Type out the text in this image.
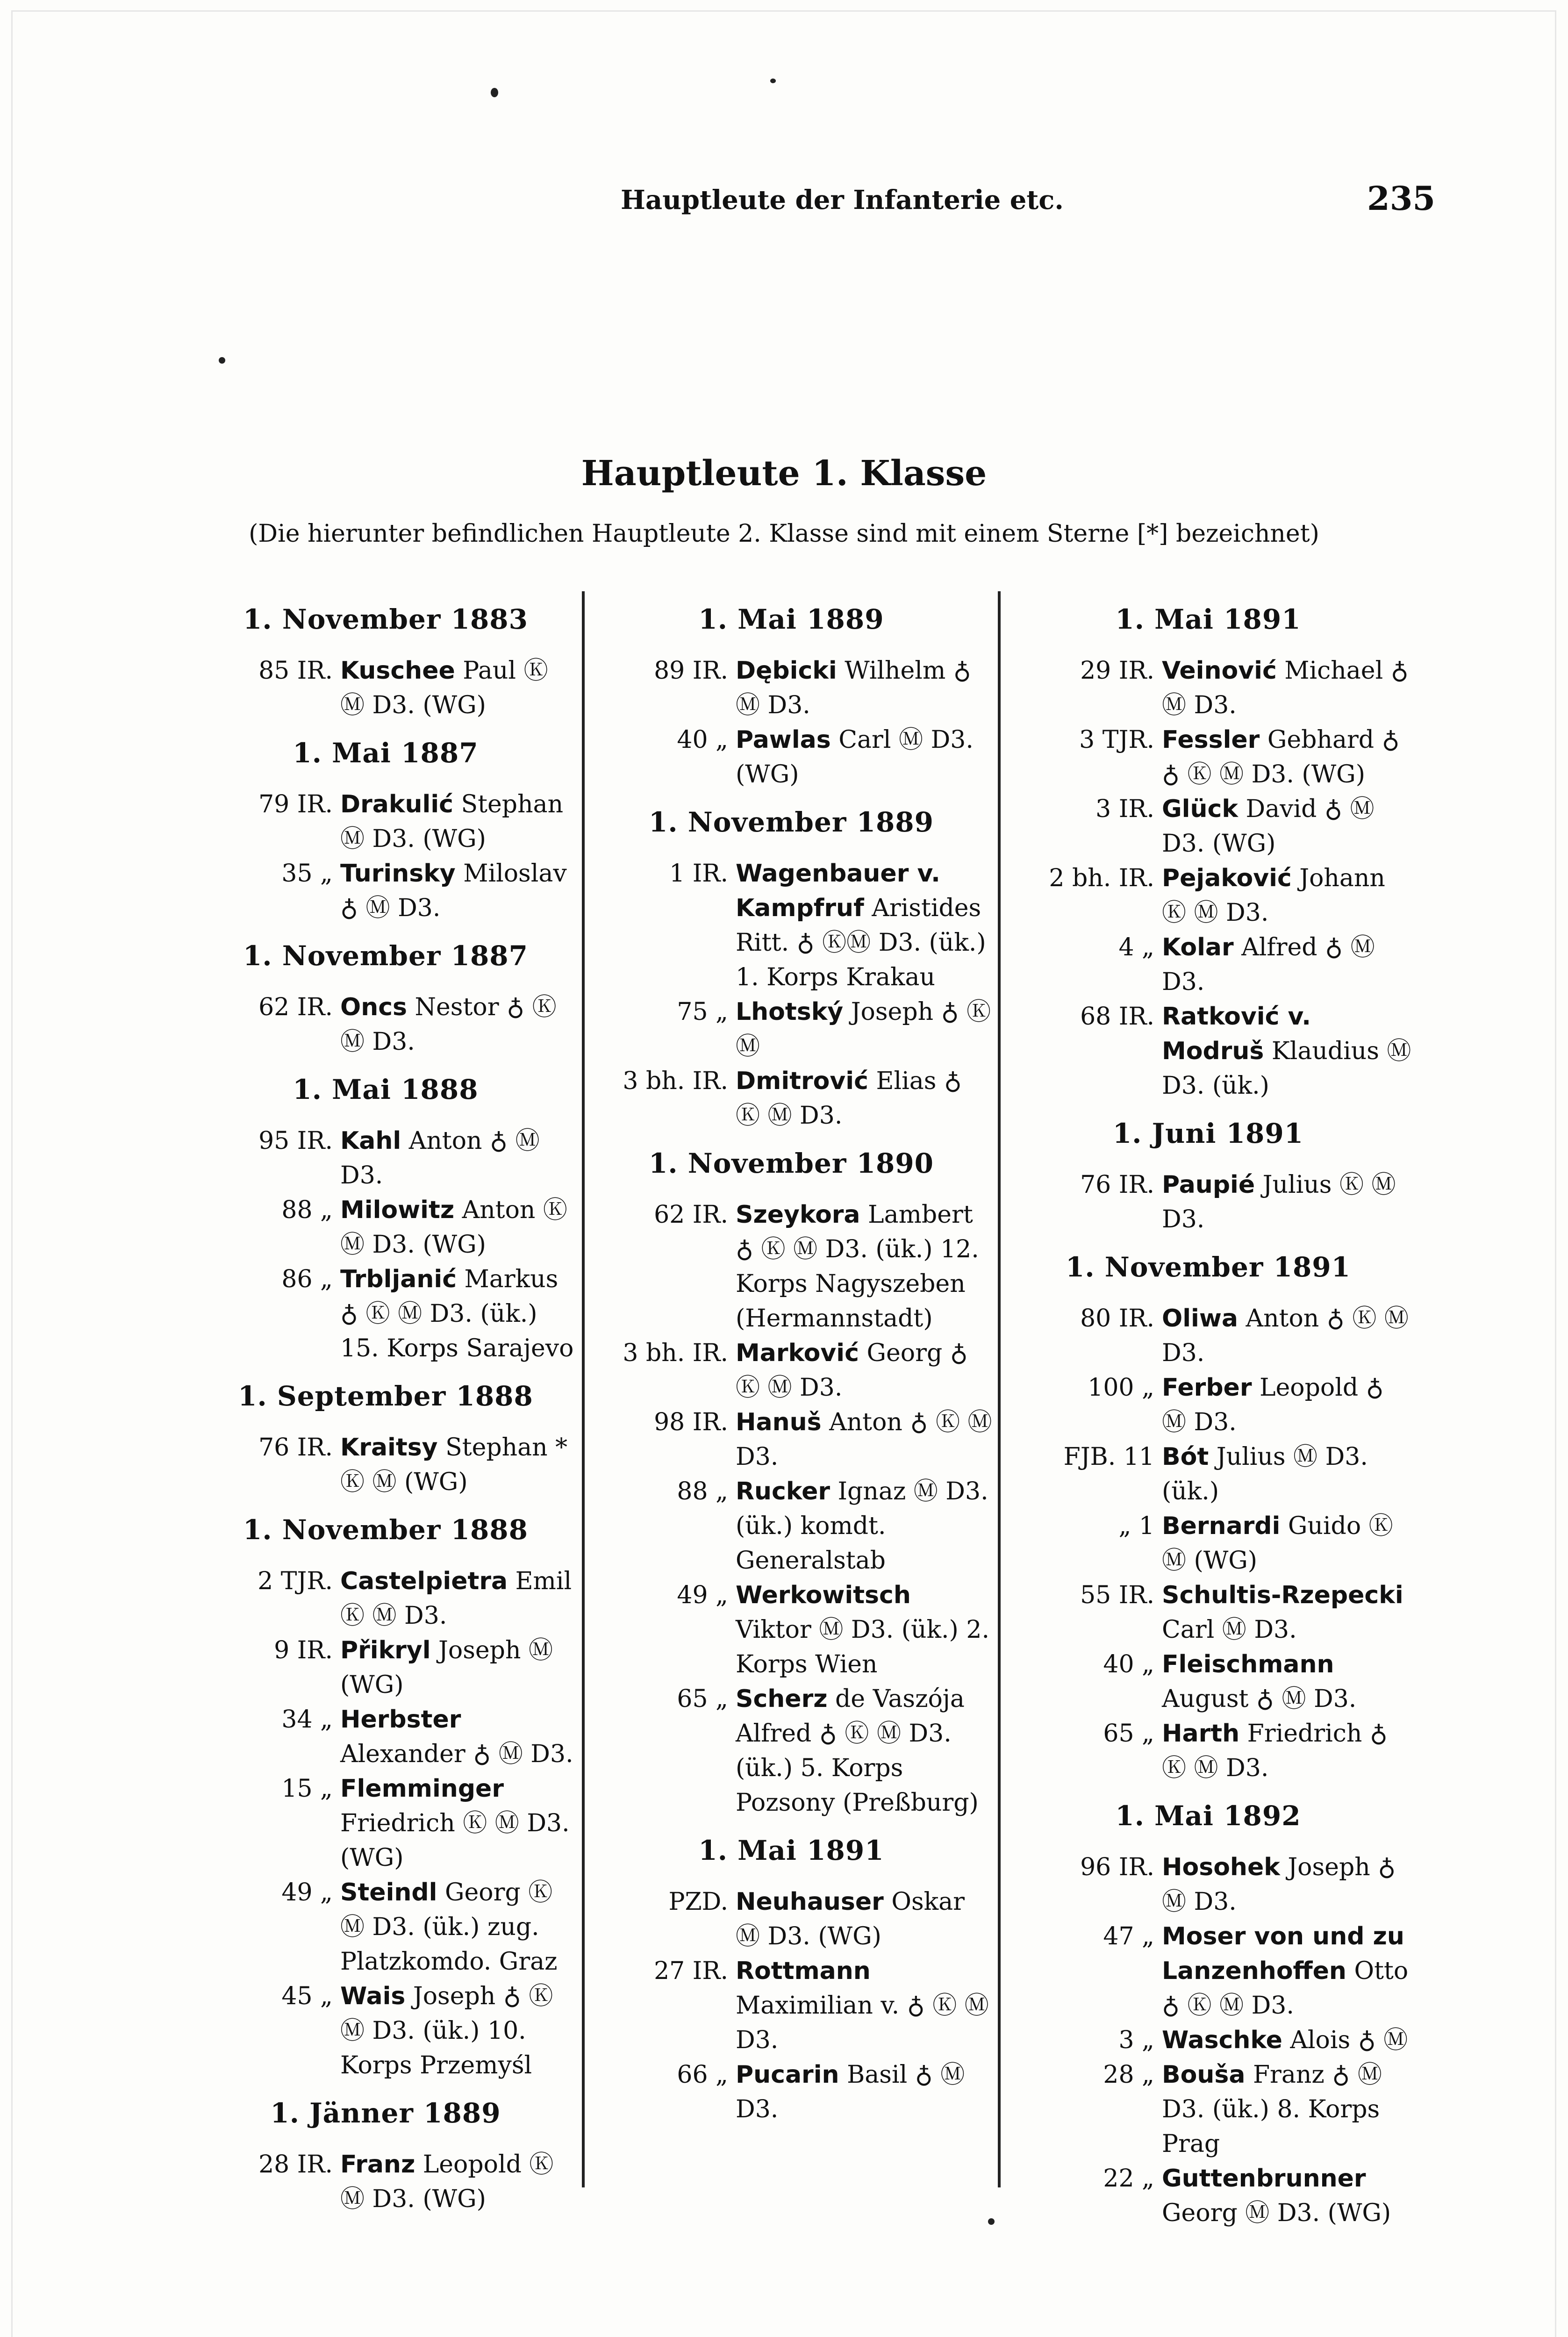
Hauptleute der Infanterie etc.	235
Hauptleute 1. Klasse
(Die hierunter befindlichen Hauptleute 2. Klasse sind mit einem Sterne [*] bezeichnet)
1. November 1883
85 IR. Kuschee Paul Ⓚ Ⓜ D3. (WG)
1. Mai 1887
79 IR. Drakulić Stephan Ⓜ D3. (WG)
35 „ Turinsky Miloslav ♁ Ⓜ D3.
1. November 1887
62 IR. Oncs Nestor ♁ Ⓚ Ⓜ D3.
1. Mai 1888
95 IR. Kahl Anton ♁ Ⓜ D3.
88 „ Milowitz Anton Ⓚ Ⓜ D3. (WG)
86 „ Trbljanić Markus ♁ Ⓚ Ⓜ D3. (ük.) 15. Korps Sarajevo
1. September 1888
76 IR. Kraitsy Stephan * Ⓚ Ⓜ (WG)
1. November 1888
2 TJR. Castelpietra Emil Ⓚ Ⓜ D3.
9 IR. Přikryl Joseph Ⓜ (WG)
34 „ Herbster Alexander ♁ Ⓜ D3.
15 „ Flemminger Friedrich Ⓚ Ⓜ D3. (WG)
49 „ Steindl Georg Ⓚ Ⓜ D3. (ük.) zug. Platzkomdo. Graz
45 „ Wais Joseph ♁ Ⓚ Ⓜ D3. (ük.) 10. Korps Przemyśl
1. Jänner 1889
28 IR. Franz Leopold Ⓚ Ⓜ D3. (WG)
1. Mai 1889
89 IR. Dębicki Wilhelm ♁ Ⓜ D3.
40 „ Pawlas Carl Ⓜ D3. (WG)
1. November 1889
1 IR. Wagenbauer v. Kampfruf Aristides Ritt. ♁ ⓀⓂ D3. (ük.) 1. Korps Krakau
75 „ Lhotský Joseph ♁ Ⓚ Ⓜ
3 bh. IR. Dmitrović Elias ♁ Ⓚ Ⓜ D3.
1. November 1890
62 IR. Szeykora Lambert ♁ Ⓚ Ⓜ D3. (ük.) 12. Korps Nagyszeben (Hermannstadt)
3 bh. IR. Marković Georg ♁ Ⓚ Ⓜ D3.
98 IR. Hanuš Anton ♁ Ⓚ Ⓜ D3.
88 „ Rucker Ignaz Ⓜ D3. (ük.) komdt. Generalstab
49 „ Werkowitsch Viktor Ⓜ D3. (ük.) 2. Korps Wien
65 „ Scherz de Vaszója Alfred ♁ Ⓚ Ⓜ D3. (ük.) 5. Korps Pozsony (Preßburg)
1. Mai 1891
PZD. Neuhauser Oskar Ⓜ D3. (WG)
27 IR. Rottmann Maximilian v. ♁ Ⓚ Ⓜ D3.
66 „ Pucarin Basil ♁ Ⓜ D3.
1. Mai 1891
29 IR. Veinović Michael ♁ Ⓜ D3.
3 TJR. Fessler Gebhard ♁ ♁ Ⓚ Ⓜ D3. (WG)
3 IR. Glück David ♁ Ⓜ D3. (WG)
2 bh. IR. Pejaković Johann Ⓚ Ⓜ D3.
4 „ Kolar Alfred ♁ Ⓜ D3.
68 IR. Ratković v. Modruš Klaudius Ⓜ D3. (ük.)
1. Juni 1891
76 IR. Paupié Julius Ⓚ Ⓜ D3.
1. November 1891
80 IR. Oliwa Anton ♁ Ⓚ Ⓜ D3.
100 „ Ferber Leopold ♁ Ⓜ D3.
FJB. 11 Bót Julius Ⓜ D3. (ük.)
„ 1 Bernardi Guido Ⓚ Ⓜ (WG)
55 IR. Schultis-Rzepecki Carl Ⓜ D3.
40 „ Fleischmann August ♁ Ⓜ D3.
65 „ Harth Friedrich ♁ Ⓚ Ⓜ D3.
1. Mai 1892
96 IR. Hosohek Joseph ♁ Ⓜ D3.
47 „ Moser von und zu Lanzenhoffen Otto ♁ Ⓚ Ⓜ D3.
3 „ Waschke Alois ♁ Ⓜ
28 „ Bouša Franz ♁ Ⓜ D3. (ük.) 8. Korps Prag
22 „ Guttenbrunner Georg Ⓜ D3. (WG)
